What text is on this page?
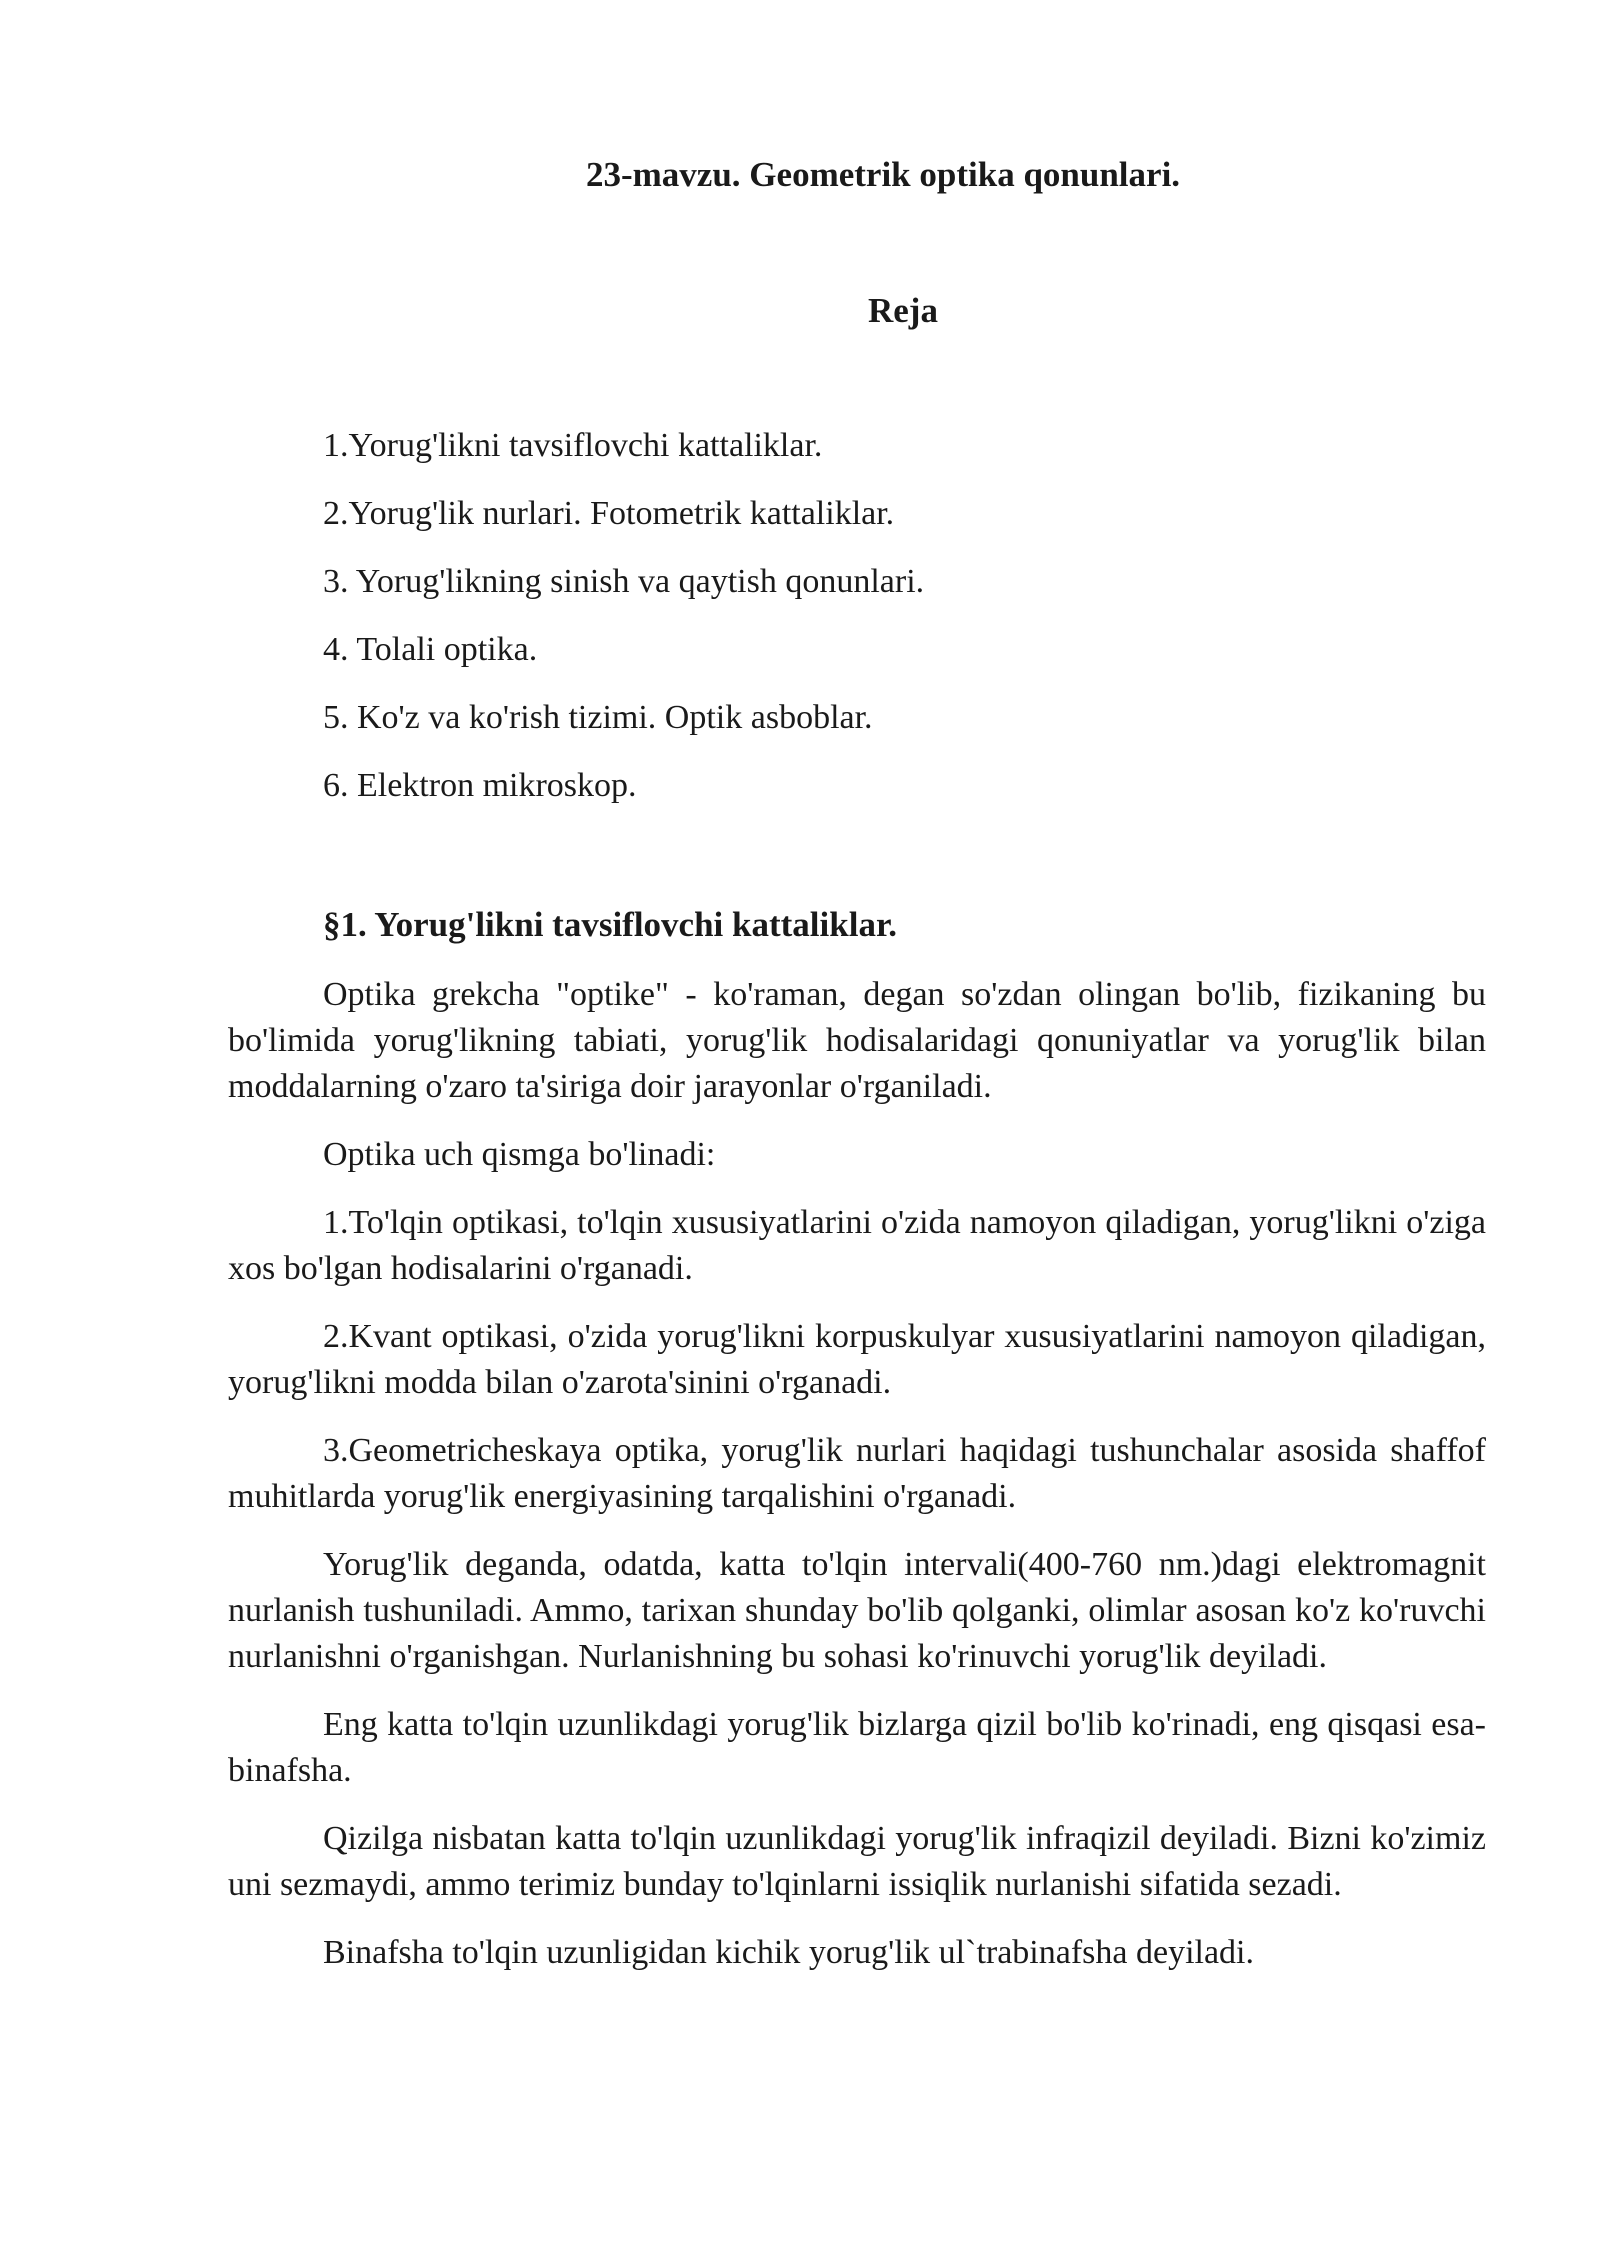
23-mavzu. Geometrik optika qonunlari.
Reja
1.Yorug'likni tavsiflovchi kattaliklar.
2.Yorug'lik nurlari. Fotometrik kattaliklar.
3. Yorug'likning sinish va qaytish qonunlari.
4. Tolali optika.
5. Ko'z va ko'rish tizimi. Optik asboblar.
6. Elektron mikroskop.
§1. Yorug'likni tavsiflovchi kattaliklar.

Optika grekcha "optike" - ko'raman, degan so'zdan olingan bo'lib, fizikaning bu bo'limida yorug'likning tabiati, yorug'lik hodisalaridagi qonuniyatlar va yorug'lik bilan moddalarning o'zaro ta'siriga doir jarayonlar o'rganiladi.

Optika uch qismga bo'linadi:

1.To'lqin optikasi, to'lqin xususiyatlarini o'zida namoyon qiladigan, yorug'likni o'ziga xos bo'lgan hodisalarini o'rganadi.

2.Kvant optikasi, o'zida yorug'likni korpuskulyar xususiyatlarini namoyon qiladigan, yorug'likni modda bilan o'zarota'sinini o'rganadi.

3.Geometricheskaya optika, yorug'lik nurlari haqidagi tushunchalar asosida shaffof muhitlarda yorug'lik energiyasining tarqalishini o'rganadi.

Yorug'lik deganda, odatda, katta to'lqin intervali(400-760 nm.)dagi elektromagnit nurlanish tushuniladi. Ammo, tarixan shunday bo'lib qolganki, olimlar asosan ko'z ko'ruvchi nurlanishni o'rganishgan. Nurlanishning bu sohasi ko'rinuvchi yorug'lik deyiladi.

Eng katta to'lqin uzunlikdagi yorug'lik bizlarga qizil bo'lib ko'rinadi, eng qisqasi esa-binafsha.

Qizilga nisbatan katta to'lqin uzunlikdagi yorug'lik infraqizil deyiladi. Bizni ko'zimiz uni sezmaydi, ammo terimiz bunday to'lqinlarni issiqlik nurlanishi sifatida sezadi.

Binafsha to'lqin uzunligidan kichik yorug'lik ul`trabinafsha deyiladi.
